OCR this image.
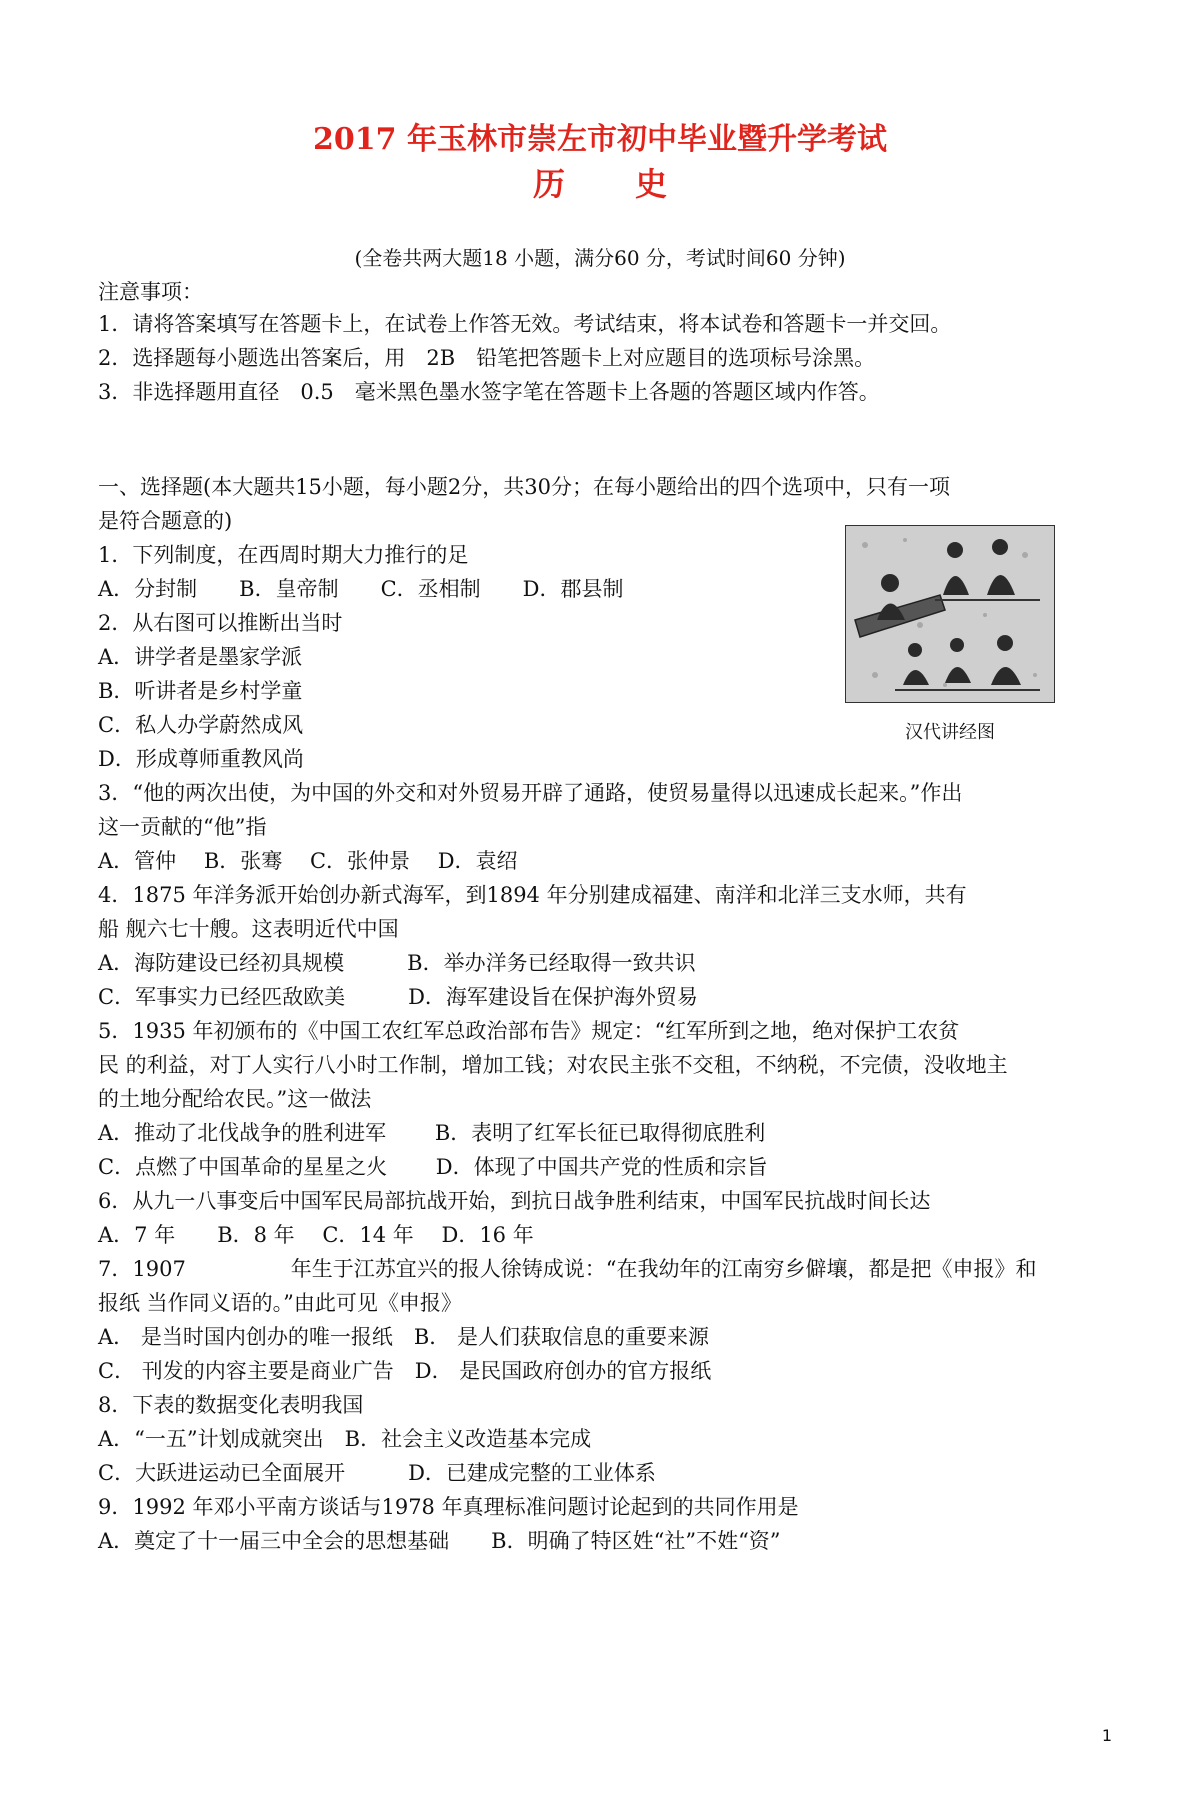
2017 年玉林市崇左市初中毕业暨升学考试
历史
(全卷共两大题18 小题，满分60 分，考试时间60 分钟)
注意事项：
1．请将答案填写在答题卡上，在试卷上作答无效。考试结束，将本试卷和答题卡一并交回。
2．选择题每小题选出答案后，用　2B　铅笔把答题卡上对应题目的选项标号涂黑。
3．非选择题用直径　0.5　毫米黑色墨水签字笔在答题卡上各题的答题区域内作答。
一、选择题(本大题共15小题，每小题2分，共30分；在每小题给出的四个选项中，只有一项
是符合题意的)
1．下列制度，在西周时期大力推行的足
A．分封制　　B．皇帝制　　C．丞相制　　D．郡县制
2．从右图可以推断出当时
A．讲学者是墨家学派
B．听讲者是乡村学童
C．私人办学蔚然成风
D．形成尊师重教风尚
3．“他的两次出使，为中国的外交和对外贸易开辟了通路，使贸易量得以迅速成长起来。”作出
这一贡献的“他”指
A．管仲　 B．张骞　 C．张仲景　 D．袁绍
4．1875 年洋务派开始创办新式海军，到1894 年分别建成福建、南洋和北洋三支水师，共有
船 舰六七十艘。这表明近代中国
A．海防建设已经初具规模　　　B．举办洋务已经取得一致共识
C．军事实力已经匹敌欧美　　　D．海军建设旨在保护海外贸易
5．1935 年初颁布的《中国工农红军总政治部布告》规定：“红军所到之地，绝对保护工农贫
民 的利益，对丁人实行八小时工作制，增加工钱；对农民主张不交租，不纳税，不完债，没收地主
的土地分配给农民。”这一做法
A．推动了北伐战争的胜利进军　　 B．表明了红军长征已取得彻底胜利
C．点燃了中国革命的星星之火　　 D．体现了中国共产党的性质和宗旨
6．从九一八事变后中国军民局部抗战开始，到抗日战争胜利结束，中国军民抗战时间长达
A．7 年　　B．8 年　 C．14 年　 D．16 年
7．1907　　　　　年生于江苏宜兴的报人徐铸成说：“在我幼年的江南穷乡僻壤，都是把《申报》和
报纸 当作同义语的。”由此可见《申报》
A． 是当时国内创办的唯一报纸　B． 是人们获取信息的重要来源
C． 刊发的内容主要是商业广告　D． 是民国政府创办的官方报纸
8．下表的数据变化表明我国
A．“一五”计划成就突出　B．社会主义改造基本完成
C．大跃进运动已全面展开　　　D．已建成完整的工业体系
9．1992 年邓小平南方谈话与1978 年真理标准问题讨论起到的共同作用是
A．奠定了十一届三中全会的思想基础　　B．明确了特区姓“社”不姓“资”
汉代讲经图
1
